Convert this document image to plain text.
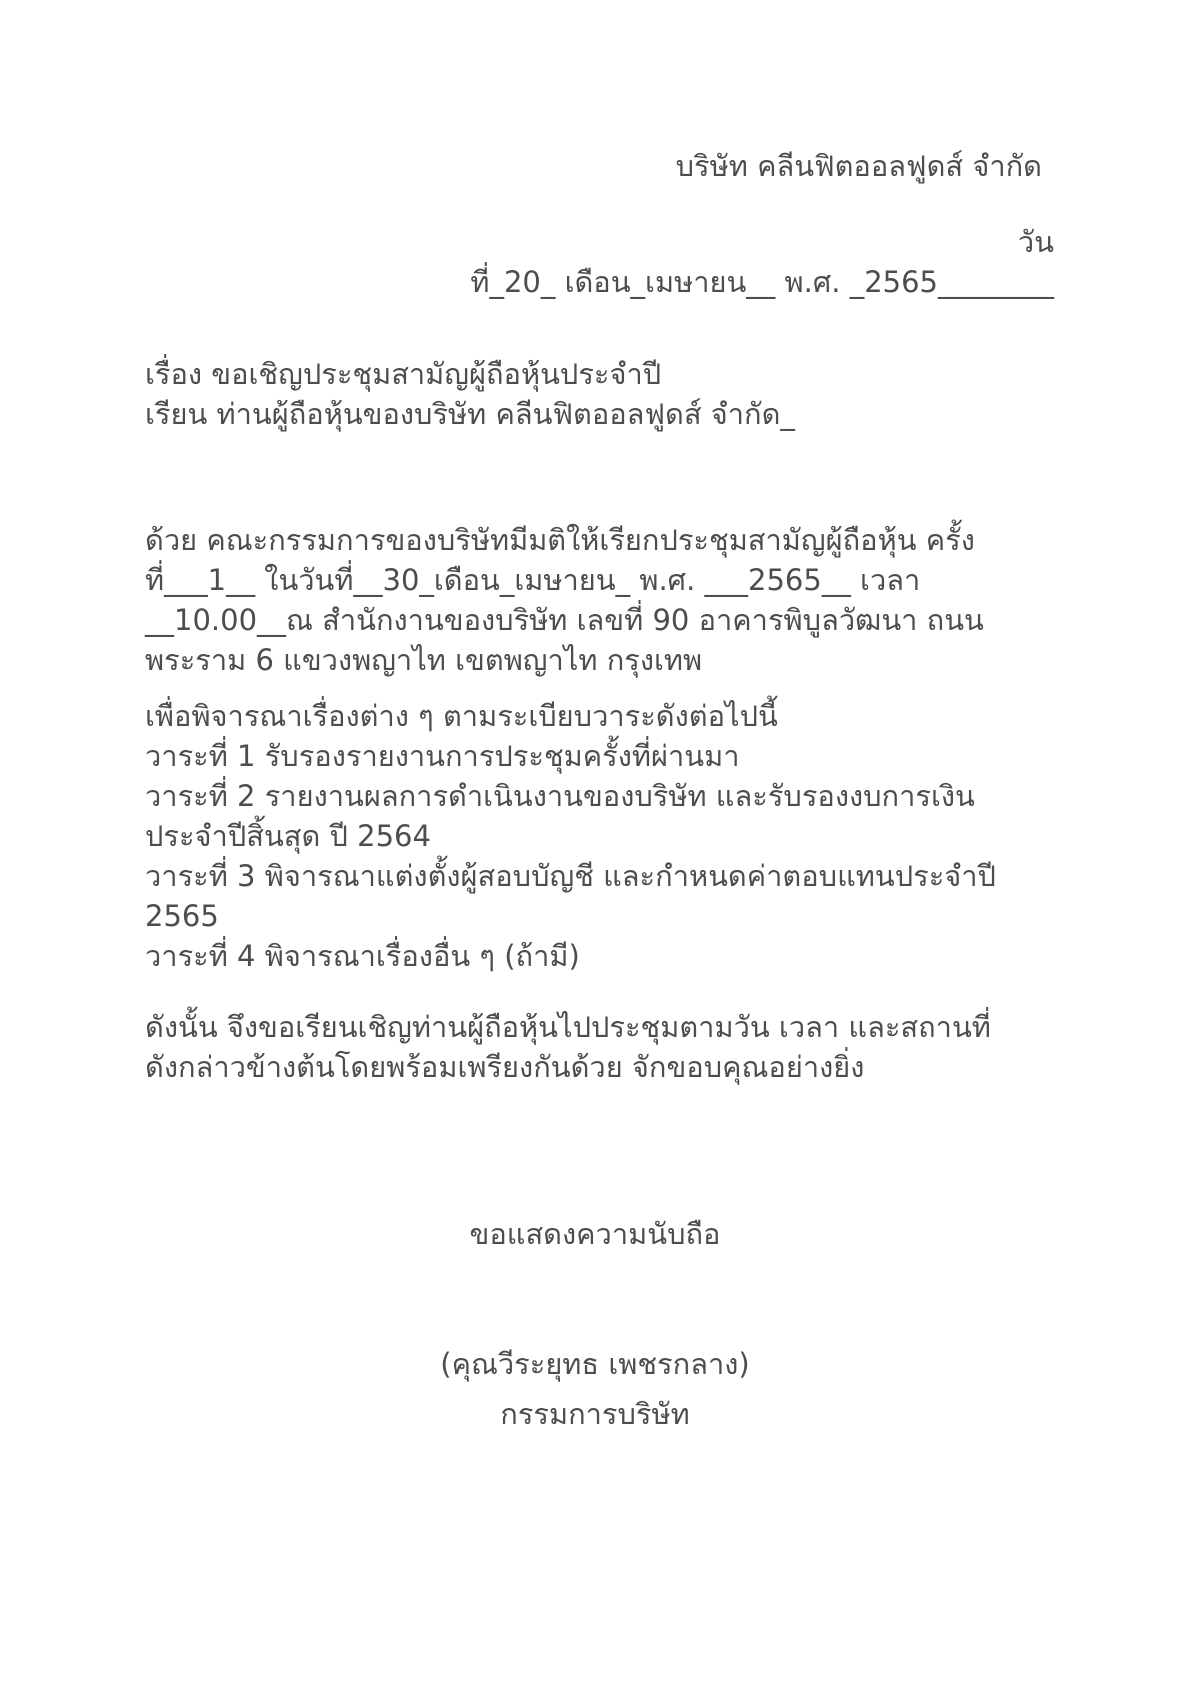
บริษัท คลีนฟิตออลฟูดส์ จำกัด
วัน
ที่_20_ เดือน_เมษายน__ พ.ศ. _2565________
เรื่อง ขอเชิญประชุมสามัญผู้ถือหุ้นประจำปี
เรียน ท่านผู้ถือหุ้นของบริษัท คลีนฟิตออลฟูดส์ จำกัด_
ด้วย คณะกรรมการของบริษัทมีมติให้เรียกประชุมสามัญผู้ถือหุ้น ครั้ง
ที่___1__ ในวันที่__30_เดือน_เมษายน_ พ.ศ. ___2565__ เวลา
__10.00__ณ สำนักงานของบริษัท เลขที่ 90 อาคารพิบูลวัฒนา ถนน
พระราม 6 แขวงพญาไท เขตพญาไท กรุงเทพ
เพื่อพิจารณาเรื่องต่าง ๆ ตามระเบียบวาระดังต่อไปนี้
วาระที่ 1 รับรองรายงานการประชุมครั้งที่ผ่านมา
วาระที่ 2 รายงานผลการดำเนินงานของบริษัท และรับรองงบการเงิน
ประจำปีสิ้นสุด ปี 2564
วาระที่ 3 พิจารณาแต่งตั้งผู้สอบบัญชี และกำหนดค่าตอบแทนประจำปี
2565
วาระที่ 4 พิจารณาเรื่องอื่น ๆ (ถ้ามี)
ดังนั้น จึงขอเรียนเชิญท่านผู้ถือหุ้นไปประชุมตามวัน เวลา และสถานที่
ดังกล่าวข้างต้นโดยพร้อมเพรียงกันด้วย จักขอบคุณอย่างยิ่ง
ขอแสดงความนับถือ
(คุณวีระยุทธ เพชรกลาง)
กรรมการบริษัท
